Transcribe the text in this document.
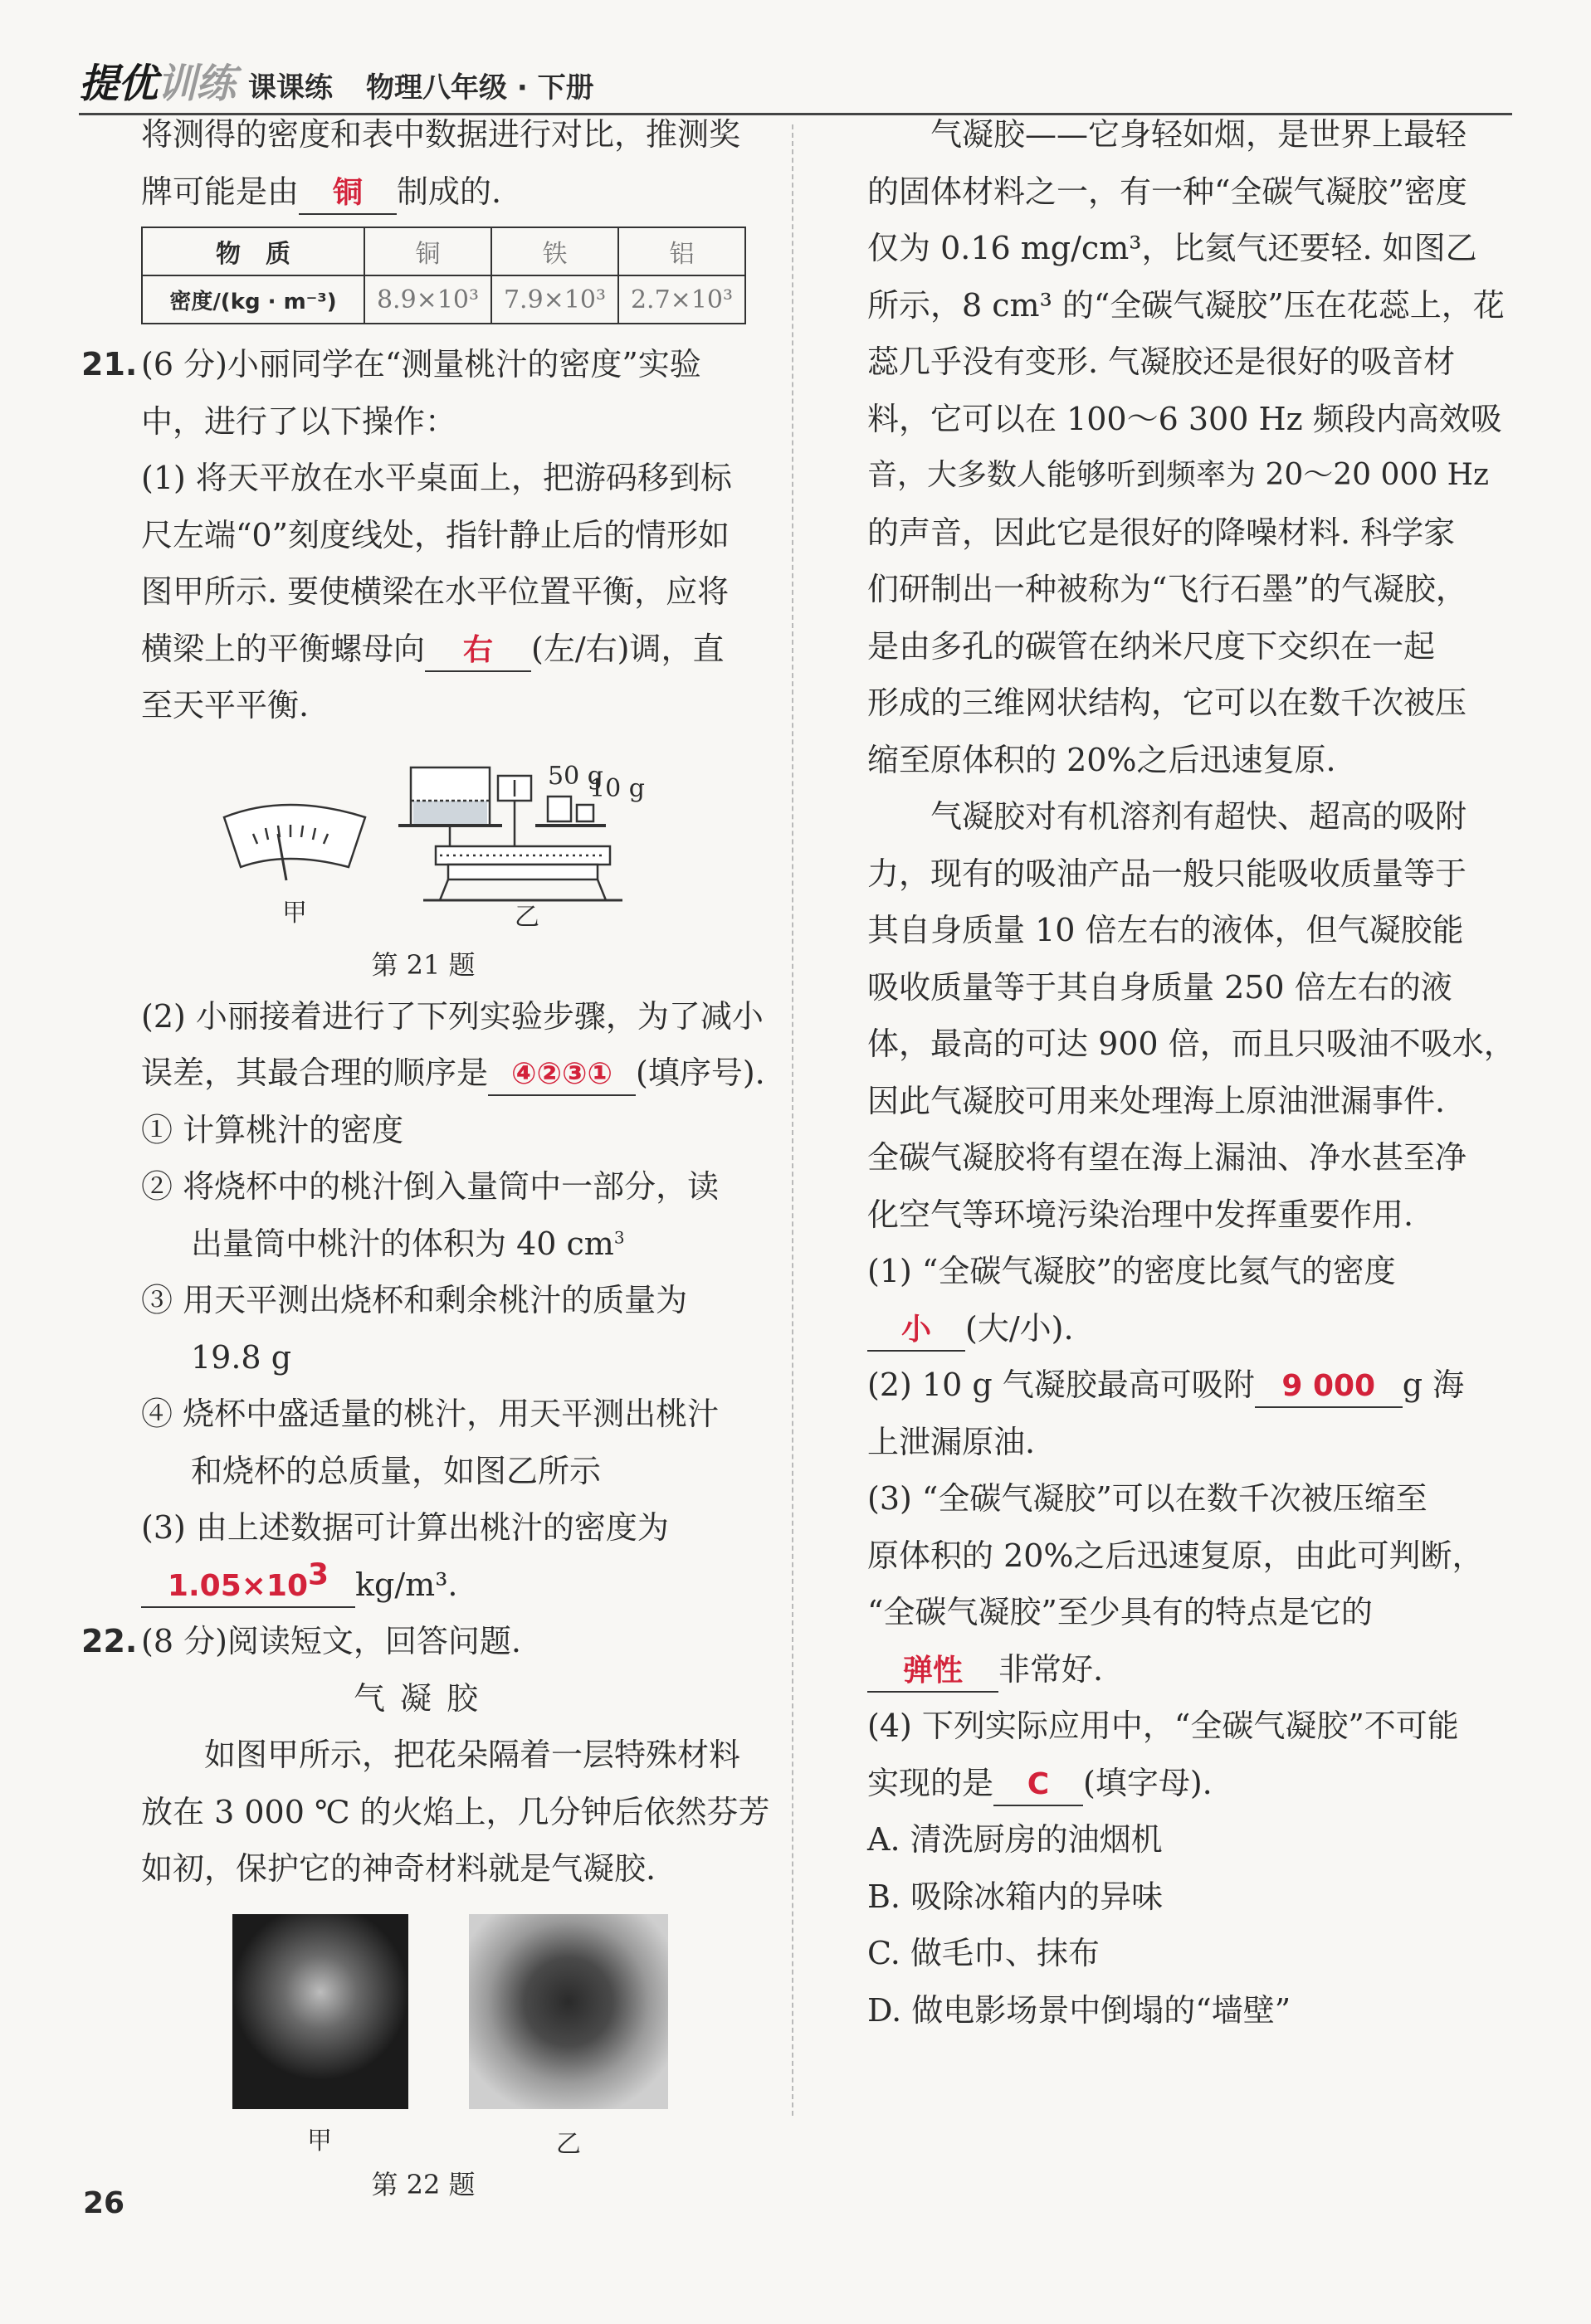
提优训练 课课练 物理八年级 · 下册
将测得的密度和表中数据进行对比，推测奖
牌可能是由 铜 制成的.
物　质	铜	铁	铝
密度/(kg · m⁻³)	8.9×10³	7.9×10³	2.7×10³
21. (6 分)小丽同学在“测量桃汁的密度”实验
中，进行了以下操作：
(1) 将天平放在水平桌面上，把游码移到标
尺左端“0”刻度线处，指针静止后的情形如
图甲所示. 要使横梁在水平位置平衡，应将
横梁上的平衡螺母向 右 (左/右)调，直
至天平平衡.
50 g
10 g
甲	乙
第 21 题
(2) 小丽接着进行了下列实验步骤，为了减小
误差，其最合理的顺序是 ④②③① (填序号).
① 计算桃汁的密度
② 将烧杯中的桃汁倒入量筒中一部分，读
出量筒中桃汁的体积为 40 $cm^3$
③ 用天平测出烧杯和剩余桃汁的质量为
19.8 g
④ 烧杯中盛适量的桃汁，用天平测出桃汁
和烧杯的总质量，如图乙所示
(3) 由上述数据可计算出桃汁的密度为
$1.05\times 10^3$ kg/m³.
22. (8 分)阅读短文，回答问题.
气凝胶
如图甲所示，把花朵隔着一层特殊材料
放在 3 000 ℃ 的火焰上，几分钟后依然芬芳
如初，保护它的神奇材料就是气凝胶.
甲	乙
第 22 题
气凝胶——它身轻如烟，是世界上最轻
的固体材料之一，有一种“全碳气凝胶”密度
仅为 0.16 mg/cm³，比氦气还要轻. 如图乙
所示，8 cm³ 的“全碳气凝胶”压在花蕊上，花
蕊几乎没有变形. 气凝胶还是很好的吸音材
料，它可以在 100～6 300 Hz 频段内高效吸
音，大多数人能够听到频率为 20～20 000 Hz
的声音，因此它是很好的降噪材料. 科学家
们研制出一种被称为“飞行石墨”的气凝胶，
是由多孔的碳管在纳米尺度下交织在一起
形成的三维网状结构，它可以在数千次被压
缩至原体积的 20%之后迅速复原.
气凝胶对有机溶剂有超快、超高的吸附
力，现有的吸油产品一般只能吸收质量等于
其自身质量 10 倍左右的液体，但气凝胶能
吸收质量等于其自身质量 250 倍左右的液
体，最高的可达 900 倍，而且只吸油不吸水，
因此气凝胶可用来处理海上原油泄漏事件.
全碳气凝胶将有望在海上漏油、净水甚至净
化空气等环境污染治理中发挥重要作用.
(1) “全碳气凝胶”的密度比氦气的密度
小 (大/小).
(2) 10 g 气凝胶最高可吸附 9 000 g 海
上泄漏原油.
(3) “全碳气凝胶”可以在数千次被压缩至
原体积的 20%之后迅速复原，由此可判断，
“全碳气凝胶”至少具有的特点是它的
弹性 非常好.
(4) 下列实际应用中，“全碳气凝胶”不可能
实现的是 C (填字母).
A. 清洗厨房的油烟机
B. 吸除冰箱内的异味
C. 做毛巾、抹布
D. 做电影场景中倒塌的“墙壁”
26
